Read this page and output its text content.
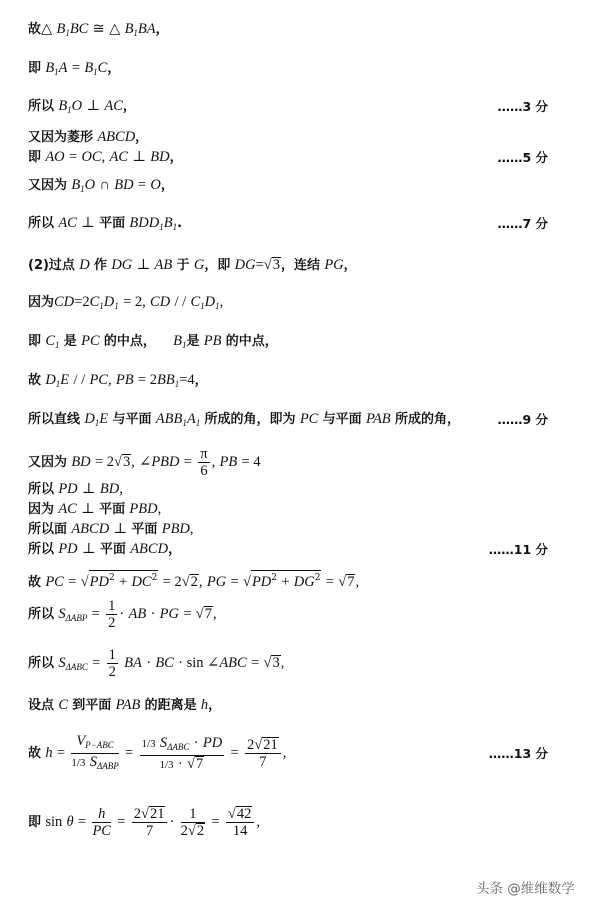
故△ $B_1BC$ ≅ △ $B_1BA$，
即 $B_1A = B_1C$，
所以 $B_1O$ ⊥ AC，	……3 分
又因为菱形 ABCD，
即 AO = OC, AC ⊥ BD，	……5 分
又因为 $B_1O$ ∩ BD = O，
所以 AC ⊥ 平面 $BDD_1B_1$.	……7 分
(2)过点 D 作 DG ⊥ AB 于 G，即 DG=√3，连结 PG，
因为$CD=2C_1D_1 = 2$, CD / / $C_1D_1$,
即 $C_1$ 是 PC 的中点， $B_1$是 PB 的中点，
故 $D_1E$ / / PC, PB = $2BB_1=4$，
所以直线 $D_1E$ 与平面 $ABB_1A_1$ 所成的角，即为 PC 与平面 PAB 所成的角，	……9 分
又因为 BD = 2√3, ∠PBD = $\frac{\pi}{6}$ , PB = 4
所以 PD ⊥ BD,
因为 AC ⊥ 平面 PBD,
所以面 ABCD ⊥ 平面 PBD,
所以 PD ⊥ 平面 ABCD，	……11 分
故 PC = $√PD^2 + DC^2 = 2√2$, PG = $√PD^2 + DG^2 = √7$,
所以 $S_{\Delta ABP} = \frac{1}{2}$ · AB · PG = √7,
所以 $S_{\Delta ABC} = \frac{1}{2}$ BA · BC · sin ∠ABC = √3,
设点 C 到平面 PAB 的距离是 h，
故 $h = \frac{V_{P-ABC}}{1/3 S_{\Delta ABP}} = \frac{1/3 S_{\Delta ABC} \cdot PD}{1/3 \cdot √7} = \frac{2√21}{7}$ ,	……13 分
即 $\sin \theta = \frac{h}{PC} = \frac{2√21}{7} \cdot \frac{1}{2√2} = \frac{√42}{14}$ ,
头条 @维维数学
